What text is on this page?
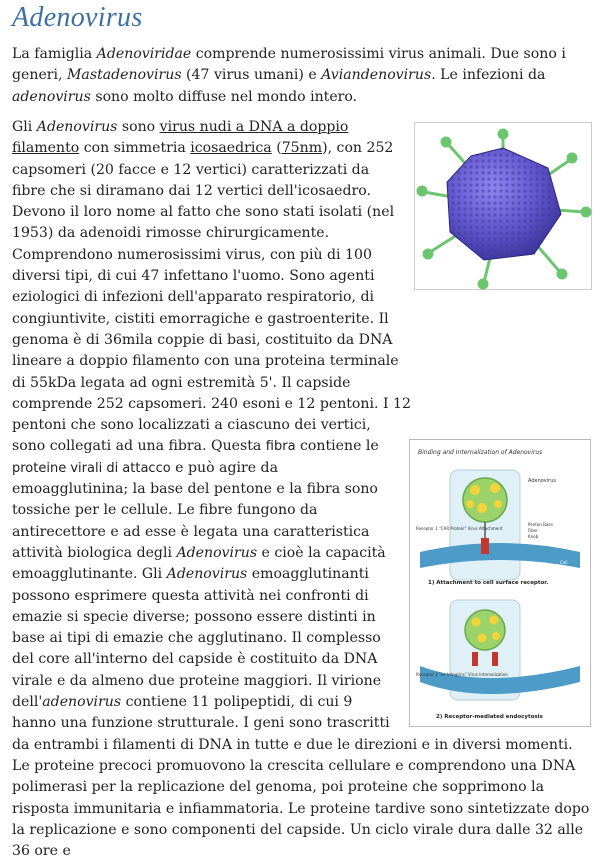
Adenovirus

La famiglia Adenoviridae comprende numerosissimi virus animali. Due sono i generi, Mastadenovirus (47 virus umani) e Aviandenovirus. Le infezioni da adenovirus sono molto diffuse nel mondo intero.

Binding and Internalization of Adenovirus
Adenovirus
Penton Base
Fiber
Knob
Receptor 1 "CAR Protein" Virus Attachment
Cell
1) Attachment to cell surface receptor.
Receptor 2 "αv Integrins" Virus Internalization
2) Receptor-mediated endocytosis

Gli Adenovirus sono virus nudi a DNA a doppio filamento con simmetria icosaedrica (75nm), con 252 capsomeri (20 facce e 12 vertici) caratterizzati da fibre che si diramano dai 12 vertici dell'icosaedro. Devono il loro nome al fatto che sono stati isolati (nel 1953) da adenoidi rimosse chirurgicamente. Comprendono numerosissimi virus, con più di 100 diversi tipi, di cui 47 infettano l'uomo. Sono agenti eziologici di infezioni dell'apparato respiratorio, di congiuntivite, cistiti emorragiche e gastroenterite. Il genoma è di 36mila coppie di basi, costituito da DNA lineare a doppio filamento con una proteina terminale di 55kDa legata ad ogni estremità 5'. Il capside comprende 252 capsomeri. 240 esoni e 12 pentoni. I 12 pentoni che sono localizzati a ciascuno dei vertici, sono collegati ad una fibra. Questa fibra contiene le proteine virali di attacco e può agire da emoagglutinina; la base del pentone e la fibra sono tossiche per le cellule. Le fibre fungono da antirecettore e ad esse è legata una caratteristica attività biologica degli Adenovirus e cioè la capacità emoagglutinante. Gli Adenovirus emoagglutinanti possono esprimere questa attività nei confronti di emazie si specie diverse; possono essere distinti in base ai tipi di emazie che agglutinano. Il complesso del core all'interno del capside è costituito da DNA virale e da almeno due proteine maggiori. Il virione dell'adenovirus contiene 11 polipeptidi, di cui 9 hanno una funzione strutturale. I geni sono trascritti da entrambi i filamenti di DNA in tutte e due le direzioni e in diversi momenti. Le proteine precoci promuovono la crescita cellulare e comprendono una DNA polimerasi per la replicazione del genoma, poi proteine che sopprimono la risposta immunitaria e infiammatoria. Le proteine tardive sono sintetizzate dopo la replicazione e sono componenti del capside. Un ciclo virale dura dalle 32 alle 36 ore e
